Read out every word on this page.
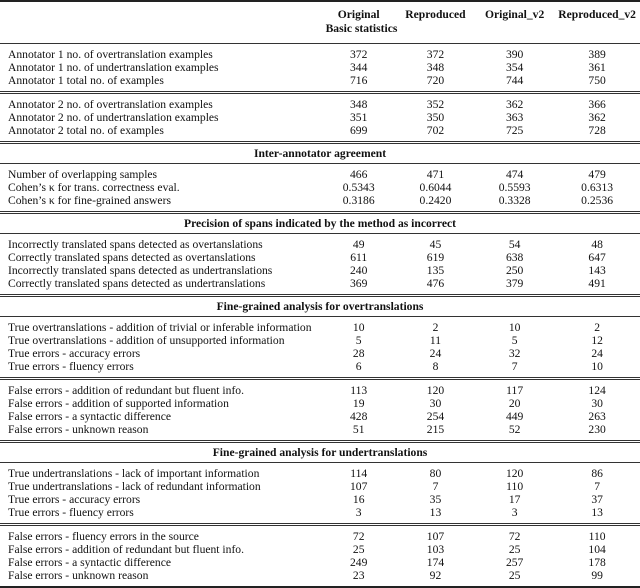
	Original	Reproduced	Original_v2	Reproduced_v2
	Basic statistics			

Annotator 1 no. of overtranslation examples	372	372	390	389
Annotator 1 no. of undertranslation examples	344	348	354	361
Annotator 1 total no. of examples	716	720	744	750

Annotator 2 no. of overtranslation examples	348	352	362	366
Annotator 2 no. of undertranslation examples	351	350	363	362
Annotator 2 total no. of examples	699	702	725	728

Inter-annotator agreement				

Number of overlapping samples	466	471	474	479
Cohen’s κ for trans. correctness eval.	0.5343	0.6044	0.5593	0.6313
Cohen’s κ for fine-grained answers	0.3186	0.2420	0.3328	0.2536

Precision of spans indicated by the method as incorrect				

Incorrectly translated spans detected as overtanslations	49	45	54	48
Correctly translated spans detected as overtanslations	611	619	638	647
Incorrectly translated spans detected as undertranslations	240	135	250	143
Correctly translated spans detected as undertranslations	369	476	379	491

Fine-grained analysis for overtranslations				

True overtranslations - addition of trivial or inferable information	10	2	10	2
True overtranslations - addition of unsupported information	5	11	5	12
True errors - accuracy errors	28	24	32	24
True errors - fluency errors	6	8	7	10

False errors - addition of redundant but fluent info.	113	120	117	124
False errors - addition of supported information	19	30	20	30
False errors - a syntactic difference	428	254	449	263
False errors - unknown reason	51	215	52	230

Fine-grained analysis for undertranslations				

True undertranslations - lack of important information	114	80	120	86
True undertranslations - lack of redundant information	107	7	110	7
True errors - accuracy errors	16	35	17	37
True errors - fluency errors	3	13	3	13

False errors - fluency errors in the source	72	107	72	110
False errors - addition of redundant but fluent info.	25	103	25	104
False errors - a syntactic difference	249	174	257	178
False errors - unknown reason	23	92	25	99
